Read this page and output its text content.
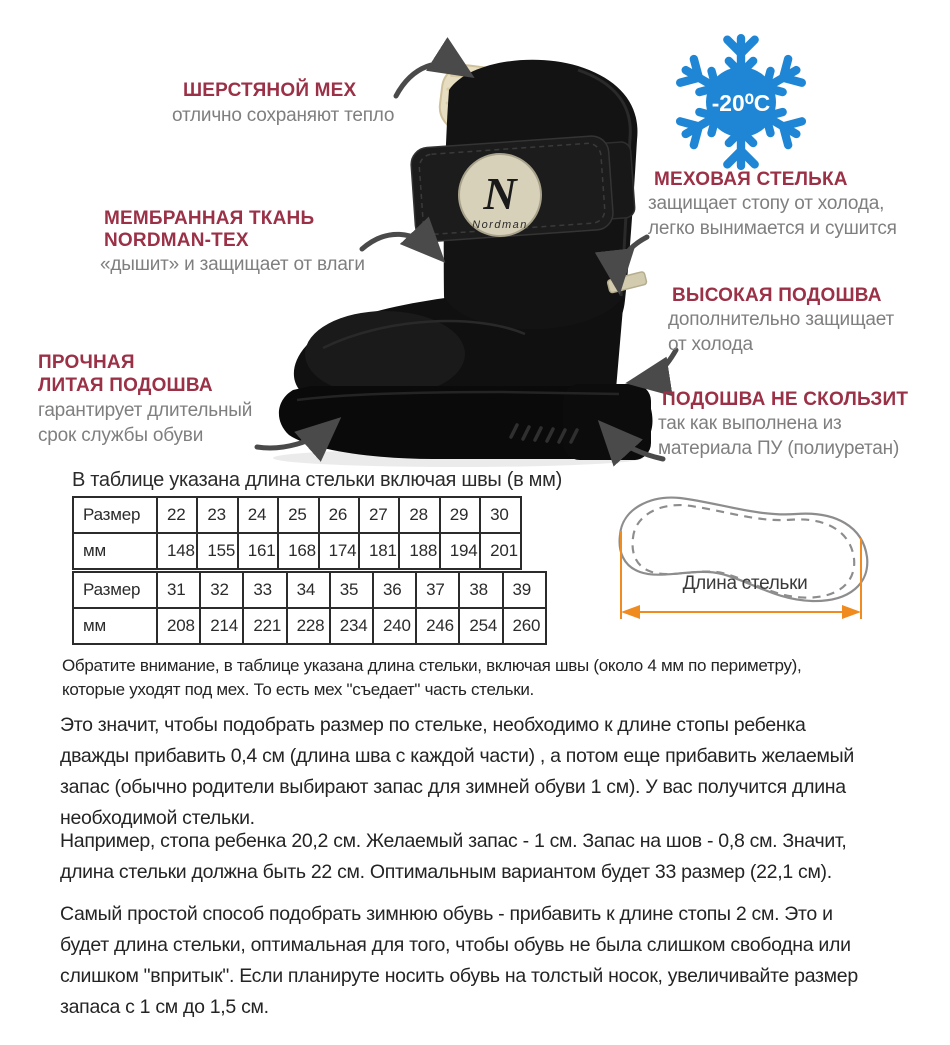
N
Nordman
-20⁰C
ШЕРСТЯНОЙ МЕХ
отлично сохраняют тепло
МЕМБРАННАЯ ТКАНЬ
NORDMAN-TEX
«дышит» и защищает от влаги
ПРОЧНАЯ
ЛИТАЯ ПОДОШВА
гарантирует длительный
срок службы обуви
МЕХОВАЯ СТЕЛЬКА
защищает стопу от холода,
легко вынимается и сушится
ВЫСОКАЯ ПОДОШВА
дополнительно защищает
от холода
ПОДОШВА НЕ СКОЛЬЗИТ
так как выполнена из
материала ПУ (полиуретан)
В таблице указана длина стельки включая швы (в мм)
Размер	22	23	24	25	26	27	28	29	30
мм	148	155	161	168	174	181	188	194	201
Размер	31	32	33	34	35	36	37	38	39
мм	208	214	221	228	234	240	246	254	260
Длина стельки
Обратите внимание, в таблице указана длина стельки, включая швы (около 4 мм по периметру),
которые уходят под мех. То есть мех "съедает" часть стельки.
Это значит, чтобы подобрать размер по стельке, необходимо к длине стопы ребенка
дважды прибавить 0,4 см (длина шва с каждой части) , а потом еще прибавить желаемый
запас (обычно родители выбирают запас для зимней обуви 1 см). У вас получится длина
необходимой стельки.
Например, стопа ребенка 20,2 см. Желаемый запас - 1 см. Запас на шов - 0,8 см. Значит,
длина стельки должна быть 22 см. Оптимальным вариантом будет 33 размер (22,1 см).
Самый простой способ подобрать зимнюю обувь - прибавить к длине стопы 2 см. Это и
будет длина стельки, оптимальная для того, чтобы обувь не была слишком свободна или
слишком "впритык". Если планируте носить обувь на толстый носок, увеличивайте размер
запаса с 1 см до 1,5 см.
